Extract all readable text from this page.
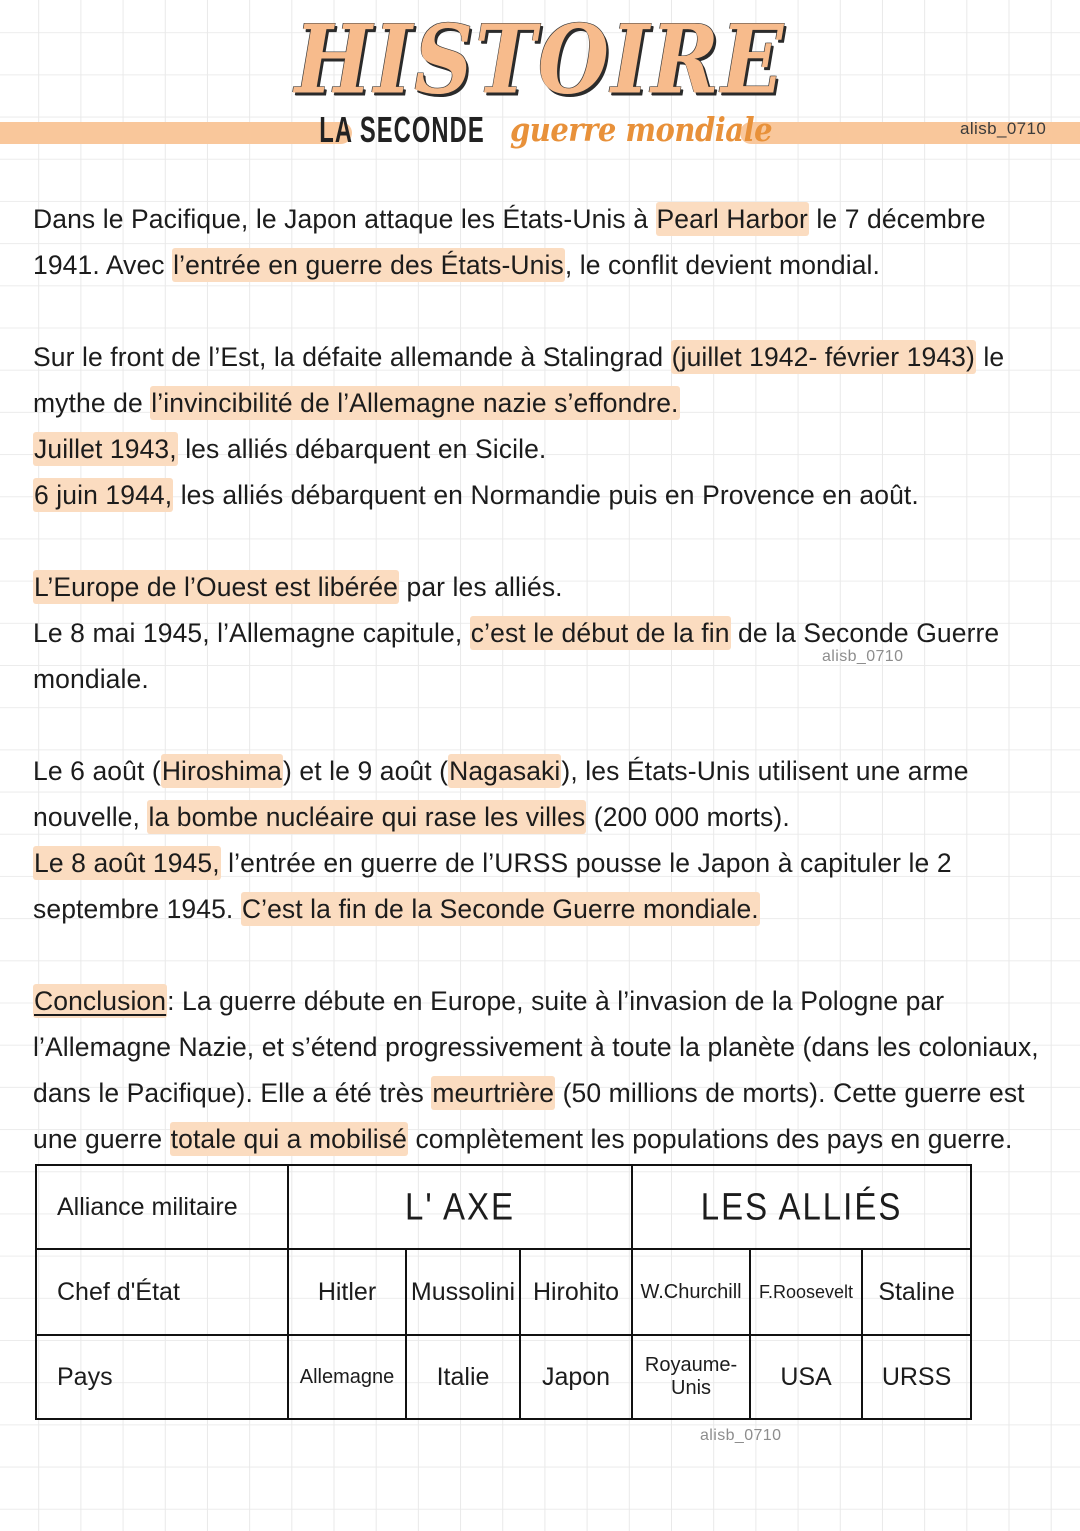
HISTOIRE
LA SECONDE guerre mondiale	alisb_0710
Dans le Pacifique, le Japon attaque les États-Unis à Pearl Harbor le 7 décembre 1941. Avec l’entrée en guerre des États-Unis, le conflit devient mondial.
Sur le front de l’Est, la défaite allemande à Stalingrad (juillet 1942- février 1943) le mythe de l’invincibilité de l’Allemagne nazie s’effondre.
Juillet 1943, les alliés débarquent en Sicile.
6 juin 1944, les alliés débarquent en Normandie puis en Provence en août.
L’Europe de l’Ouest est libérée par les alliés.
Le 8 mai 1945, l’Allemagne capitule, c’est le début de la fin de la Seconde Guerre mondiale.
Le 6 août (Hiroshima) et le 9 août (Nagasaki), les États-Unis utilisent une arme nouvelle, la bombe nucléaire qui rase les villes (200 000 morts).
Le 8 août 1945, l’entrée en guerre de l’URSS pousse le Japon à capituler le 2 septembre 1945. C’est la fin de la Seconde Guerre mondiale.
Conclusion: La guerre débute en Europe, suite à l’invasion de la Pologne par l’Allemagne Nazie, et s’étend progressivement à toute la planète (dans les coloniaux, dans le Pacifique). Elle a été très meurtrière (50 millions de morts). Cette guerre est une guerre totale qui a mobilisé complètement les populations des pays en guerre.
alisb_0710
Alliance militaire	L' AXE			LES ALLIÉS		
Chef d'État	Hitler	Mussolini	Hirohito	W.Churchill	F.Roosevelt	Staline
Pays	Allemagne	Italie	Japon	Royaume-Unis	USA	URSS
alisb_0710
